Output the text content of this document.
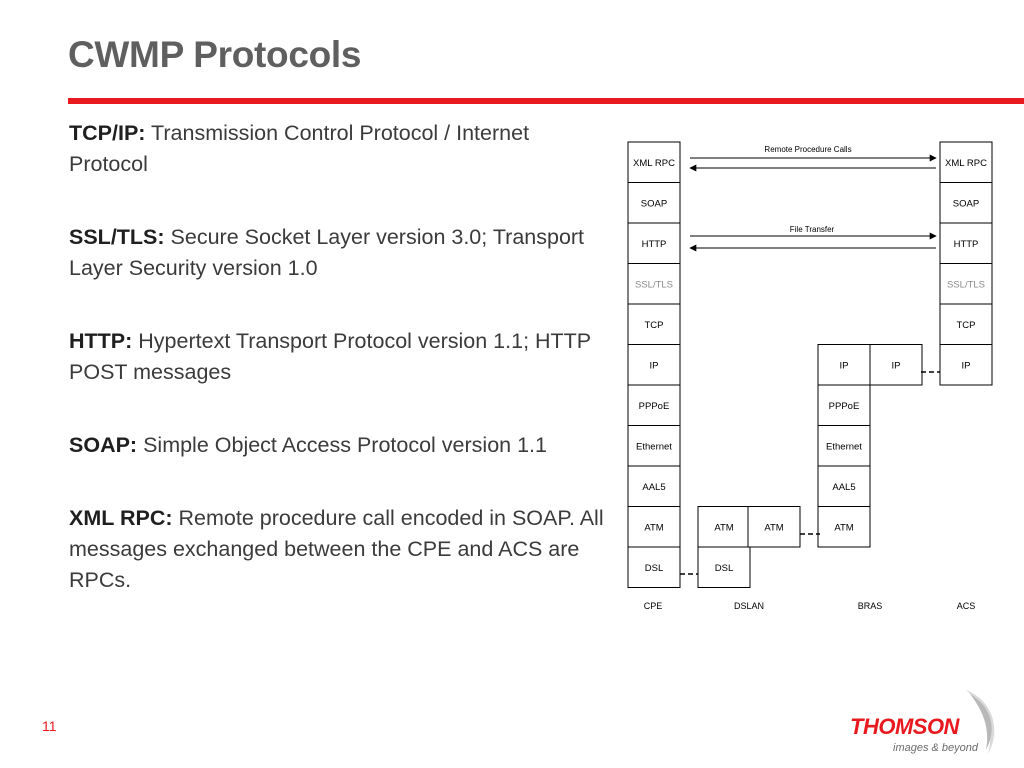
CWMP Protocols

TCP/IP: Transmission Control Protocol / Internet Protocol

SSL/TLS: Secure Socket Layer version 3.0; Transport Layer Security version 1.0

HTTP: Hypertext Transport Protocol version 1.1; HTTP POST messages

SOAP: Simple Object Access Protocol version 1.1

XML RPC: Remote procedure call encoded in SOAP. All messages exchanged between the CPE and ACS are RPCs.

XML RPC
SOAP
HTTP
SSL/TLS
TCP
IP
PPPoE
Ethernet
AAL5
ATM
DSL
XML RPC
SOAP
HTTP
SSL/TLS
TCP
IP
IP
PPPoE
Ethernet
AAL5
ATM
IP
ATM
DSL
ATM
Remote Procedure Calls
File Transfer
CPE	DSLAN	BRAS	ACS
11	THOMSON
images & beyond
